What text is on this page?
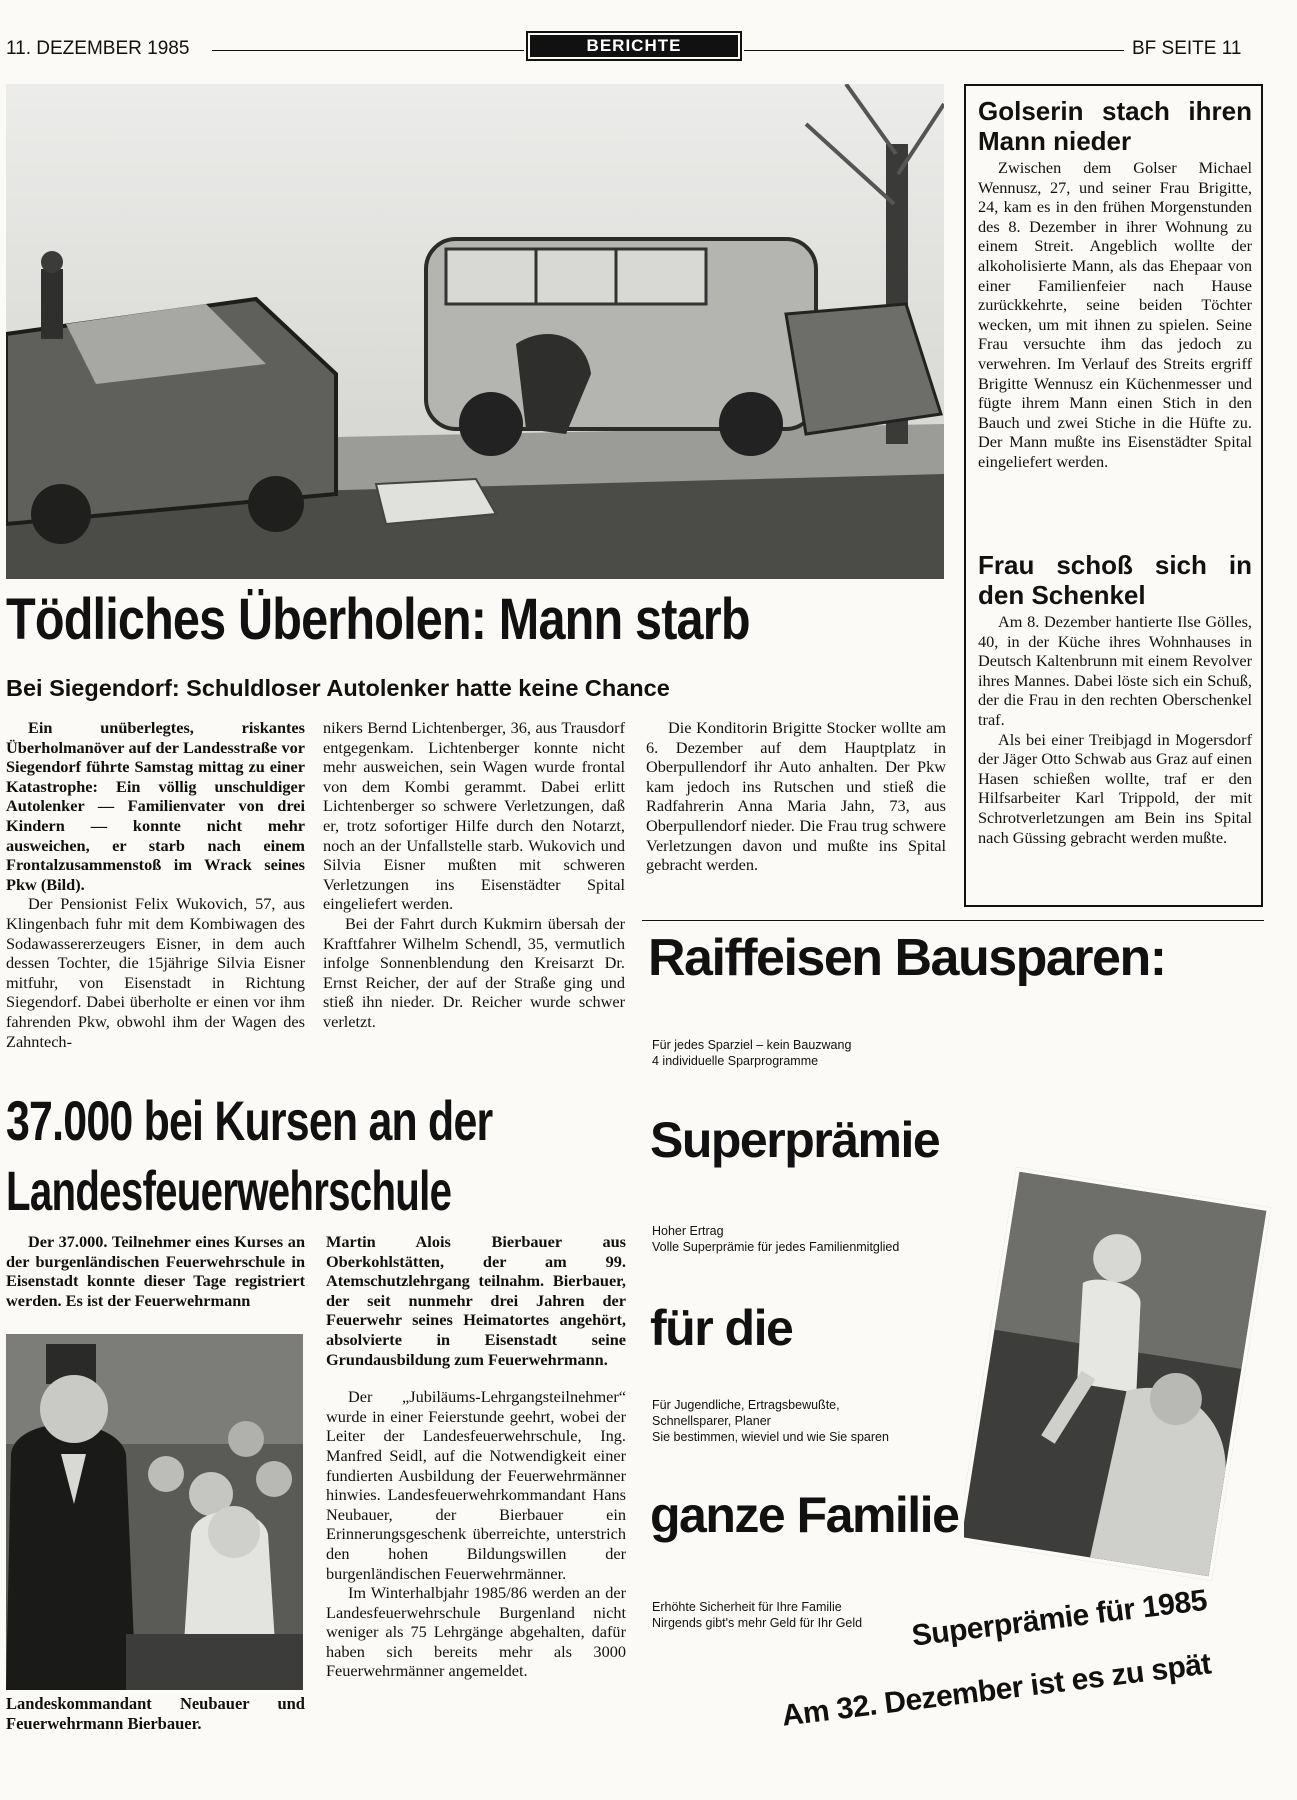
11. DEZEMBER 1985	BERICHTE	BF SEITE 11
Tödliches Überholen: Mann starb
Bei Siegendorf: Schuldloser Autolenker hatte keine Chance

Ein unüberlegtes, riskantes Überholmanöver auf der Landesstraße vor Siegendorf führte Samstag mittag zu einer Katastrophe: Ein völlig unschuldiger Autolenker — Familienvater von drei Kindern — konnte nicht mehr ausweichen, er starb nach einem Frontalzusammenstoß im Wrack seines Pkw (Bild).

Der Pensionist Felix Wukovich, 57, aus Klingenbach fuhr mit dem Kombiwagen des Sodawassererzeugers Eisner, in dem auch dessen Tochter, die 15jährige Silvia Eisner mitfuhr, von Eisenstadt in Richtung Siegendorf. Dabei überholte er einen vor ihm fahrenden Pkw, obwohl ihm der Wagen des Zahntech-

nikers Bernd Lichtenberger, 36, aus Trausdorf entgegenkam. Lichtenberger konnte nicht mehr ausweichen, sein Wagen wurde frontal von dem Kombi gerammt. Dabei erlitt Lichtenberger so schwere Verletzungen, daß er, trotz sofortiger Hilfe durch den Notarzt, noch an der Unfallstelle starb. Wukovich und Silvia Eisner mußten mit schweren Verletzungen ins Eisenstädter Spital eingeliefert werden.

Bei der Fahrt durch Kukmirn übersah der Kraftfahrer Wilhelm Schendl, 35, vermutlich infolge Sonnenblendung den Kreisarzt Dr. Ernst Reicher, der auf der Straße ging und stieß ihn nieder. Dr. Reicher wurde schwer verletzt.

Die Konditorin Brigitte Stocker wollte am 6. Dezember auf dem Hauptplatz in Oberpullendorf ihr Auto anhalten. Der Pkw kam jedoch ins Rutschen und stieß die Radfahrerin Anna Maria Jahn, 73, aus Oberpullendorf nieder. Die Frau trug schwere Verletzungen davon und mußte ins Spital gebracht werden.

Golserin stach ihren Mann nieder

Zwischen dem Golser Michael Wennusz, 27, und seiner Frau Brigitte, 24, kam es in den frühen Morgenstunden des 8. Dezember in ihrer Wohnung zu einem Streit. Angeblich wollte der alkoholisierte Mann, als das Ehepaar von einer Familienfeier nach Hause zurückkehrte, seine beiden Töchter wecken, um mit ihnen zu spielen. Seine Frau versuchte ihm das jedoch zu verwehren. Im Verlauf des Streits ergriff Brigitte Wennusz ein Küchenmesser und fügte ihrem Mann einen Stich in den Bauch und zwei Stiche in die Hüfte zu. Der Mann mußte ins Eisenstädter Spital eingeliefert werden.

Frau schoß sich in den Schenkel

Am 8. Dezember hantierte Ilse Gölles, 40, in der Küche ihres Wohnhauses in Deutsch Kaltenbrunn mit einem Revolver ihres Mannes. Dabei löste sich ein Schuß, der die Frau in den rechten Oberschenkel traf.

Als bei einer Treibjagd in Mogersdorf der Jäger Otto Schwab aus Graz auf einen Hasen schießen wollte, traf er den Hilfsarbeiter Karl Trippold, der mit Schrotverletzungen am Bein ins Spital nach Güssing gebracht werden mußte.

37.000 bei Kursen an der
Landesfeuerwehrschule

Der 37.000. Teilnehmer eines Kurses an der burgenländischen Feuerwehrschule in Eisenstadt konnte dieser Tage registriert werden. Es ist der Feuerwehrmann

Martin Alois Bierbauer aus Oberkohlstätten, der am 99. Atemschutzlehrgang teilnahm. Bierbauer, der seit nunmehr drei Jahren der Feuerwehr seines Heimatortes angehört, absolvierte in Eisenstadt seine Grundausbildung zum Feuerwehrmann.

Der „Jubiläums-Lehrgangsteilnehmer“ wurde in einer Feierstunde geehrt, wobei der Leiter der Landesfeuerwehrschule, Ing. Manfred Seidl, auf die Notwendigkeit einer fundierten Ausbildung der Feuerwehrmänner hinwies. Landesfeuerwehrkommandant Hans Neubauer, der Bierbauer ein Erinnerungsgeschenk überreichte, unterstrich den hohen Bildungswillen der burgenländischen Feuerwehrmänner.

Im Winterhalbjahr 1985/86 werden an der Landesfeuerwehrschule Burgenland nicht weniger als 75 Lehrgänge abgehalten, dafür haben sich bereits mehr als 3000 Feuerwehrmänner angemeldet.

Landeskommandant Neubauer und Feuerwehrmann Bierbauer.
Raiffeisen Bausparen:
Für jedes Sparziel – kein Bauzwang
4 individuelle Sparprogramme
Superprämie
Hoher Ertrag
Volle Superprämie für jedes Familienmitglied
für die
Für Jugendliche, Ertragsbewußte,
Schnellsparer, Planer
Sie bestimmen, wieviel und wie Sie sparen
ganze Familie
Erhöhte Sicherheit für Ihre Familie
Nirgends gibt's mehr Geld für Ihr Geld Superprämie für 1985
Am 32. Dezember ist es zu spät
